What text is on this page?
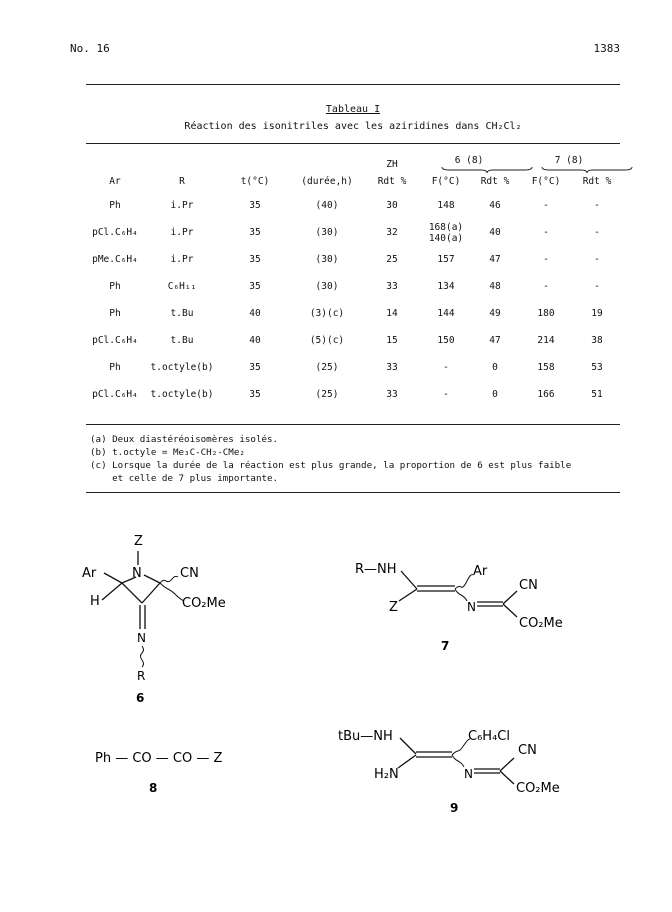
No. 16	1383
Tableau I
Réaction des isonitriles avec les aziridines dans CH₂Cl₂
				ZH	6 (8)		7 (8)	

Ar	R	t(°C)	(durée,h)	Rdt %	F(°C)	Rdt %	F(°C)	Rdt %
Ph	i.Pr	35	(40)	30	148	46	-	-
pCl.C₆H₄	i.Pr	35	(30)	32	168(a) 140(a)	40	-	-
pMe.C₆H₄	i.Pr	35	(30)	25	157	47	-	-
Ph	C₆H₁₁	35	(30)	33	134	48	-	-
Ph	t.Bu	40	(3)(c)	14	144	49	180	19
pCl.C₆H₄	t.Bu	40	(5)(c)	15	150	47	214	38
Ph	t.octyle(b)	35	(25)	33	-	0	158	53
pCl.C₆H₄	t.octyle(b)	35	(25)	33	-	0	166	51
(a) Deux diastéréoisomères isolés.
(b) t.octyle = Me₃C-CH₂-CMe₂
(c) Lorsque la durée de la réaction est plus grande, la proportion de 6 est plus faible
et celle de 7 plus importante.
Z
Ar	N	CN
H	CO₂Me
N
R
6
R—NH
Z
Ar
N
CN
CO₂Me
7
Ph — CO — CO — Z
8
tBu—NH
H₂N
C₆H₄Cl
N
CN
CO₂Me
9
